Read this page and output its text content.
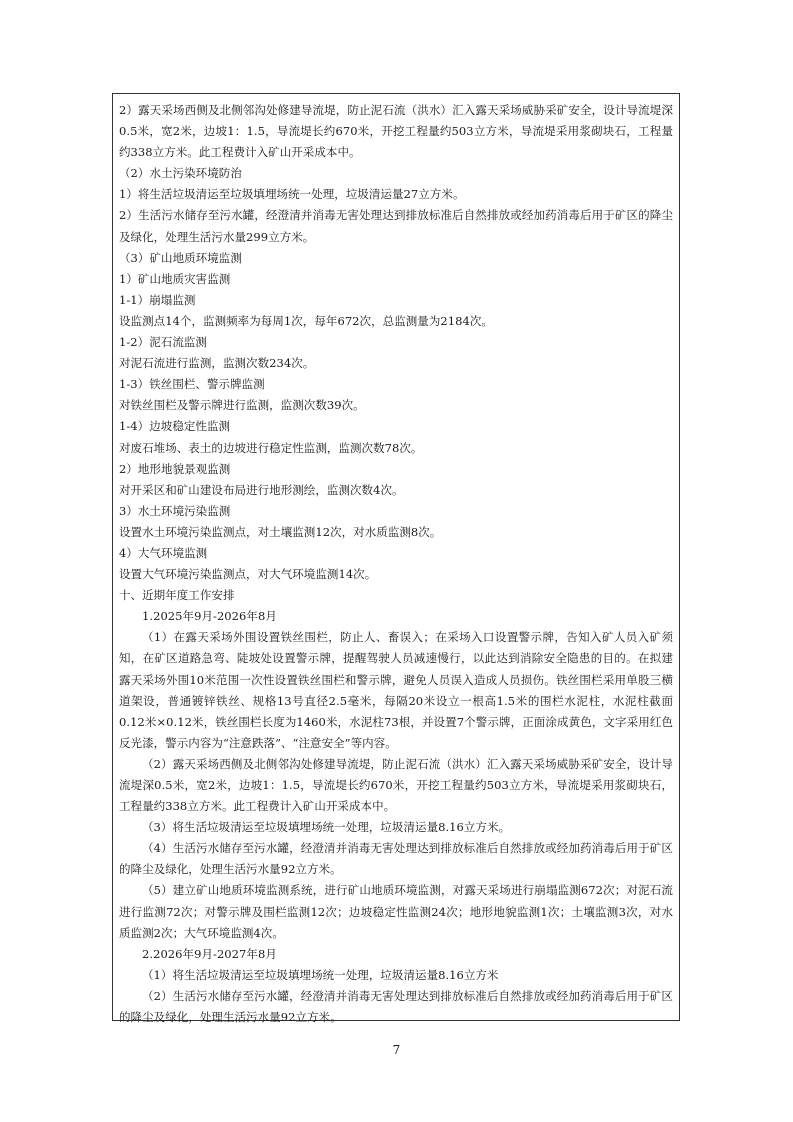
2）露天采场西侧及北侧邻沟处修建导流堤，防止泥石流（洪水）汇入露天采场威胁采矿安全，设计导流堤深0.5米，宽2米，边坡1：1.5，导流堤长约670米，开挖工程量约503立方米，导流堤采用浆砌块石，工程量约338立方米。此工程费计入矿山开采成本中。

（2）水土污染环境防治

1）将生活垃圾清运至垃圾填埋场统一处理，垃圾清运量27立方米。

2）生活污水储存至污水罐，经澄清并消毒无害处理达到排放标准后自然排放或经加药消毒后用于矿区的降尘及绿化，处理生活污水量299立方米。

（3）矿山地质环境监测

1）矿山地质灾害监测

1-1）崩塌监测

设监测点14个，监测频率为每周1次，每年672次，总监测量为2184次。

1-2）泥石流监测

对泥石流进行监测，监测次数234次。

1-3）铁丝围栏、警示牌监测

对铁丝围栏及警示牌进行监测，监测次数39次。

1-4）边坡稳定性监测

对废石堆场、表土的边坡进行稳定性监测，监测次数78次。

2）地形地貌景观监测

对开采区和矿山建设布局进行地形测绘，监测次数4次。

3）水土环境污染监测

设置水土环境污染监测点，对土壤监测12次，对水质监测8次。

4）大气环境监测

设置大气环境污染监测点，对大气环境监测14次。

十、近期年度工作安排

1.2025年9月-2026年8月

（1）在露天采场外围设置铁丝围栏，防止人、畜误入；在采场入口设置警示牌，告知入矿人员入矿须知，在矿区道路急弯、陡坡处设置警示牌，提醒驾驶人员减速慢行，以此达到消除安全隐患的目的。在拟建露天采场外围10米范围一次性设置铁丝围栏和警示牌，避免人员误入造成人员损伤。铁丝围栏采用单股三横道架设，普通镀锌铁丝、规格13号直径2.5毫米，每隔20米设立一根高1.5米的围栏水泥柱，水泥柱截面0.12米×0.12米，铁丝围栏长度为1460米，水泥柱73根，并设置7个警示牌，正面涂成黄色，文字采用红色反光漆，警示内容为“注意跌落”、“注意安全”等内容。

（2）露天采场西侧及北侧邻沟处修建导流堤，防止泥石流（洪水）汇入露天采场威胁采矿安全，设计导流堤深0.5米，宽2米，边坡1：1.5，导流堤长约670米，开挖工程量约503立方米，导流堤采用浆砌块石，工程量约338立方米。此工程费计入矿山开采成本中。

（3）将生活垃圾清运至垃圾填埋场统一处理，垃圾清运量8.16立方米。

（4）生活污水储存至污水罐，经澄清并消毒无害处理达到排放标准后自然排放或经加药消毒后用于矿区的降尘及绿化，处理生活污水量92立方米。

（5）建立矿山地质环境监测系统，进行矿山地质环境监测，对露天采场进行崩塌监测672次；对泥石流进行监测72次；对警示牌及围栏监测12次；边坡稳定性监测24次；地形地貌监测1次；土壤监测3次，对水质监测2次；大气环境监测4次。

2.2026年9月-2027年8月

（1）将生活垃圾清运至垃圾填埋场统一处理，垃圾清运量8.16立方米

（2）生活污水储存至污水罐，经澄清并消毒无害处理达到排放标准后自然排放或经加药消毒后用于矿区的降尘及绿化，处理生活污水量92立方米。

7
